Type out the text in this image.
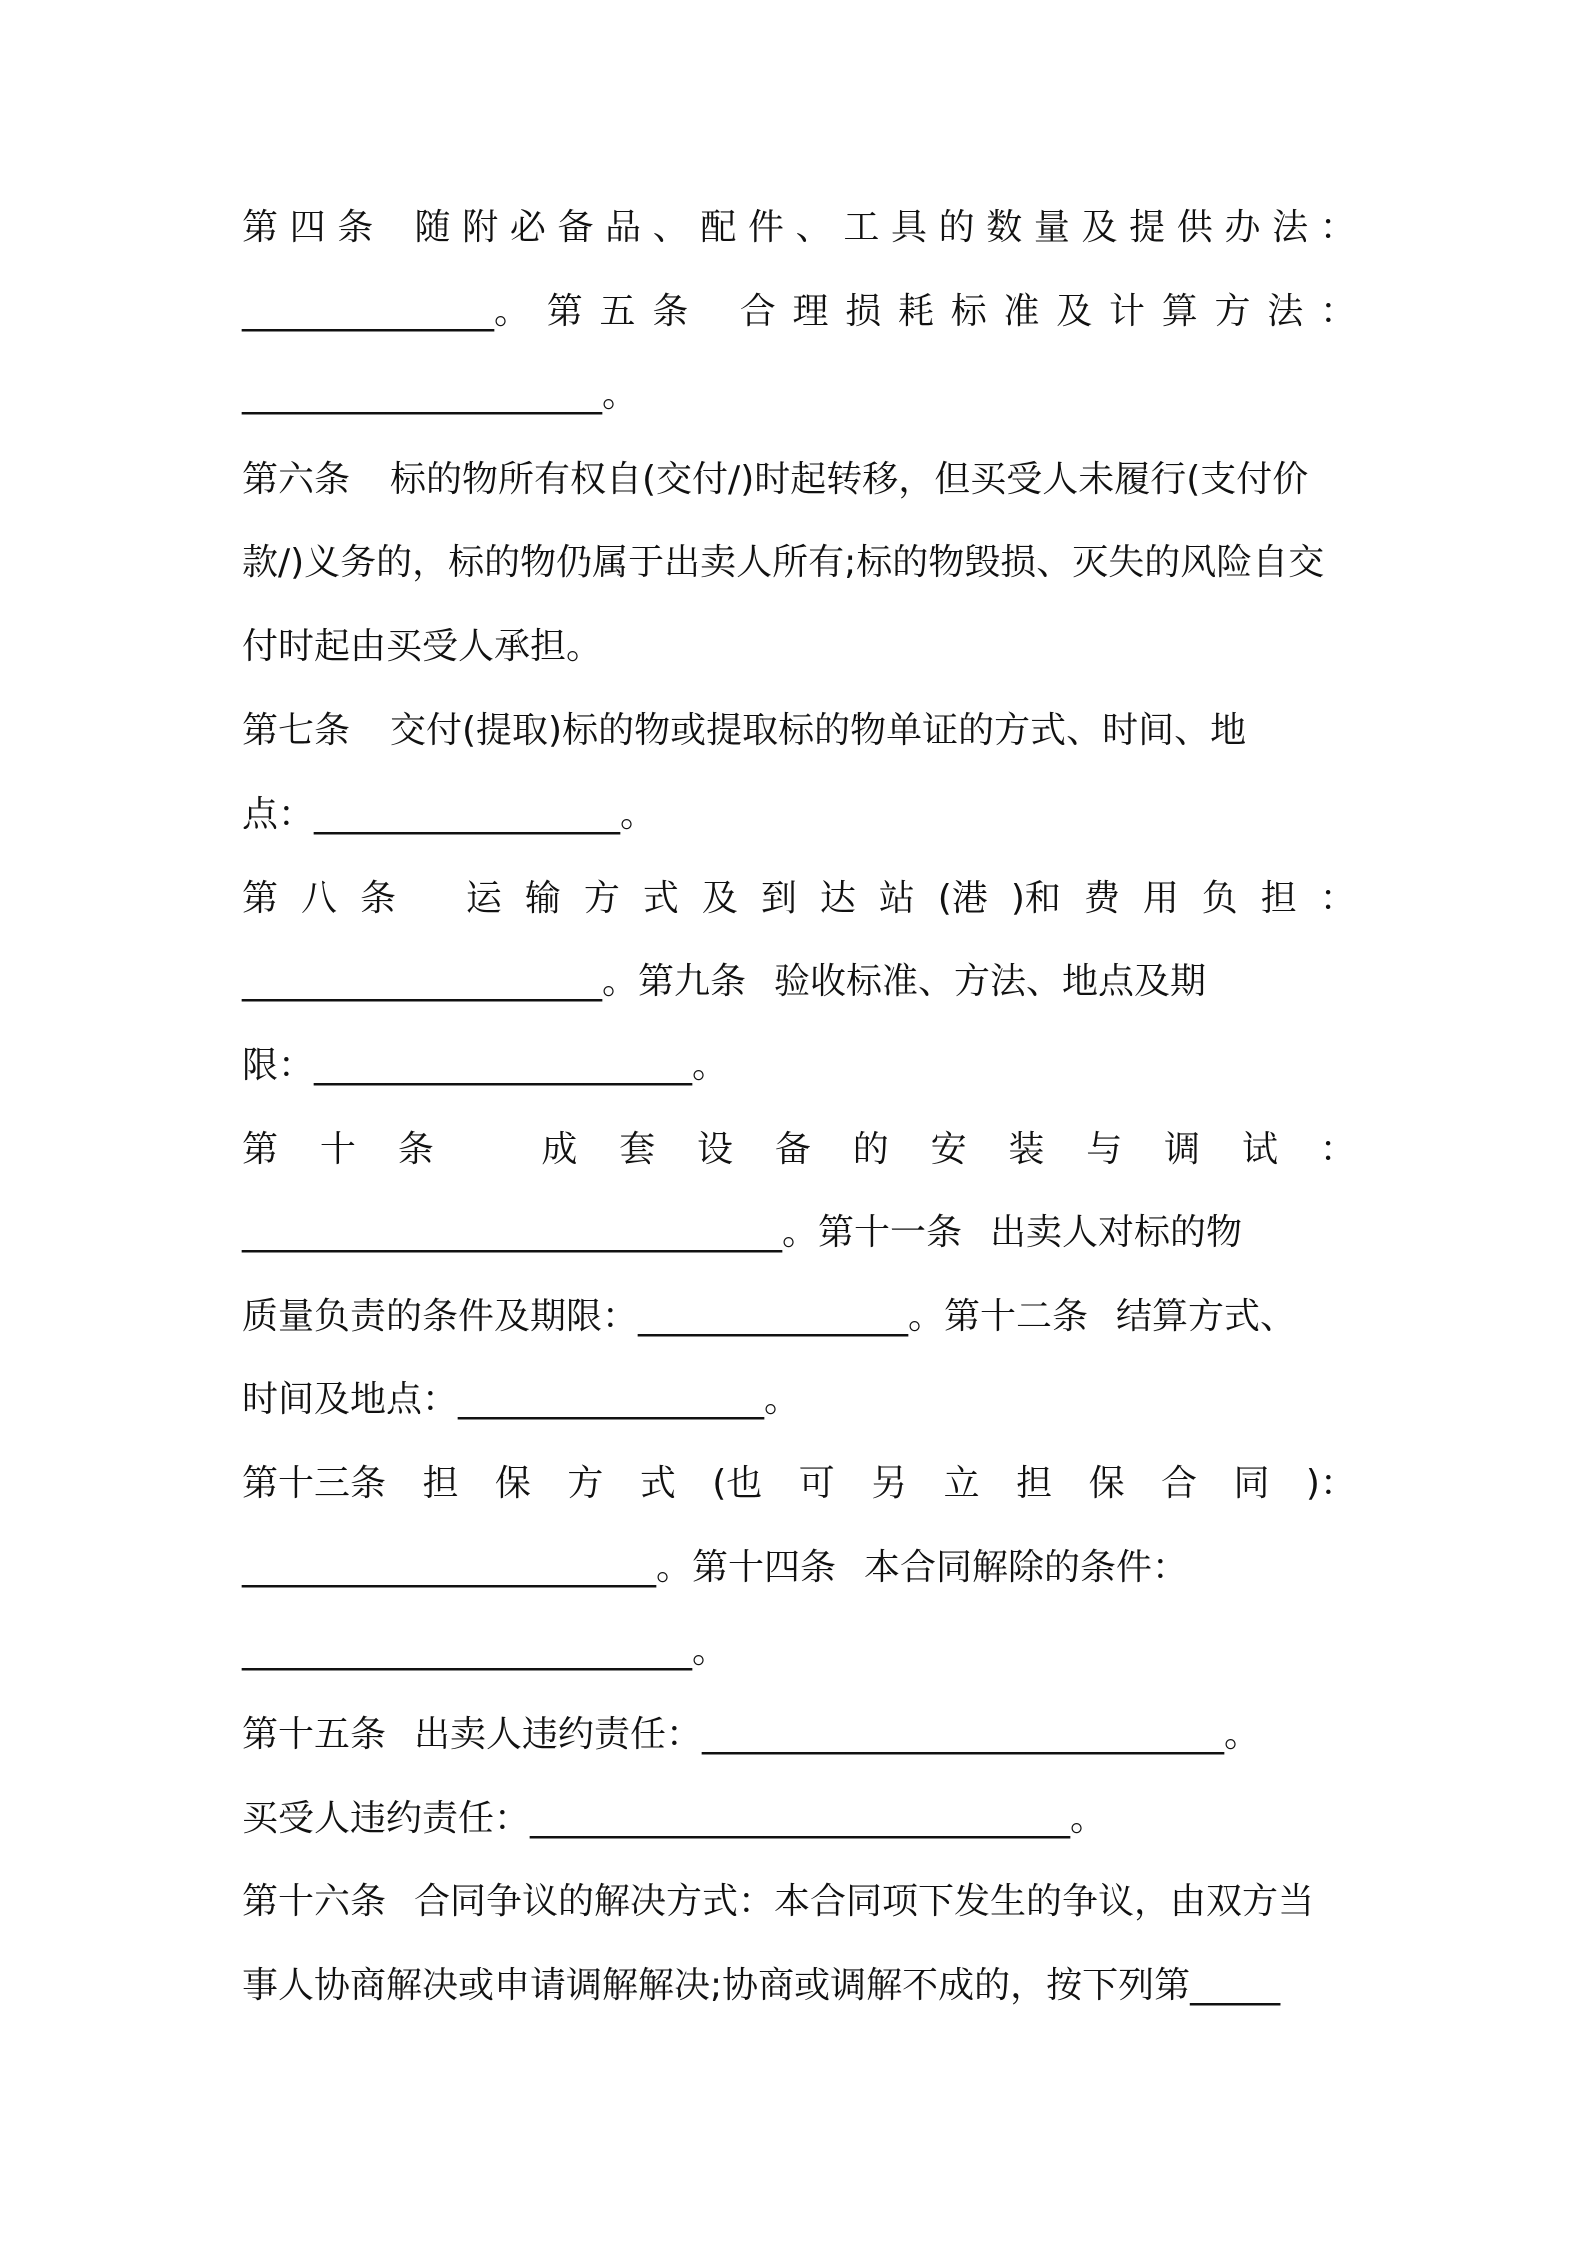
第 四 条 随 附 必 备 品 、 配 件 、 工 具 的 数 量 及 提 供 办 法 ：
______________。 第 五 条 合 理 损 耗 标 准 及 计 算 方 法 ：
____________________。
第六条 标的物所有权自(交付/)时起转移，但买受人未履行(支付价
款/)义务的，标的物仍属于出卖人所有;标的物毁损、灭失的风险自交
付时起由买受人承担。
第七条 交付(提取)标的物或提取标的物单证的方式、时间、地
点：_________________。
第 八 条 运 输 方 式 及 到 达 站 (港 )和 费 用 负 担 ：
____________________。第九条 验收标准、方法、地点及期
限：_____________________。
第 十 条	成 套 设 备 的 安 装 与 调 试 ：
______________________________。第十一条 出卖人对标的物
质量负责的条件及期限：_______________。第十二条 结算方式、
时间及地点：_________________。
第十三条 担 保 方 式 (也 可 另 立 担 保 合 同 )：
_______________________。第十四条 本合同解除的条件：
_________________________。
第十五条 出卖人违约责任：_____________________________。
买受人违约责任：______________________________。
第十六条 合同争议的解决方式：本合同项下发生的争议，由双方当
事人协商解决或申请调解解决;协商或调解不成的，按下列第_____
